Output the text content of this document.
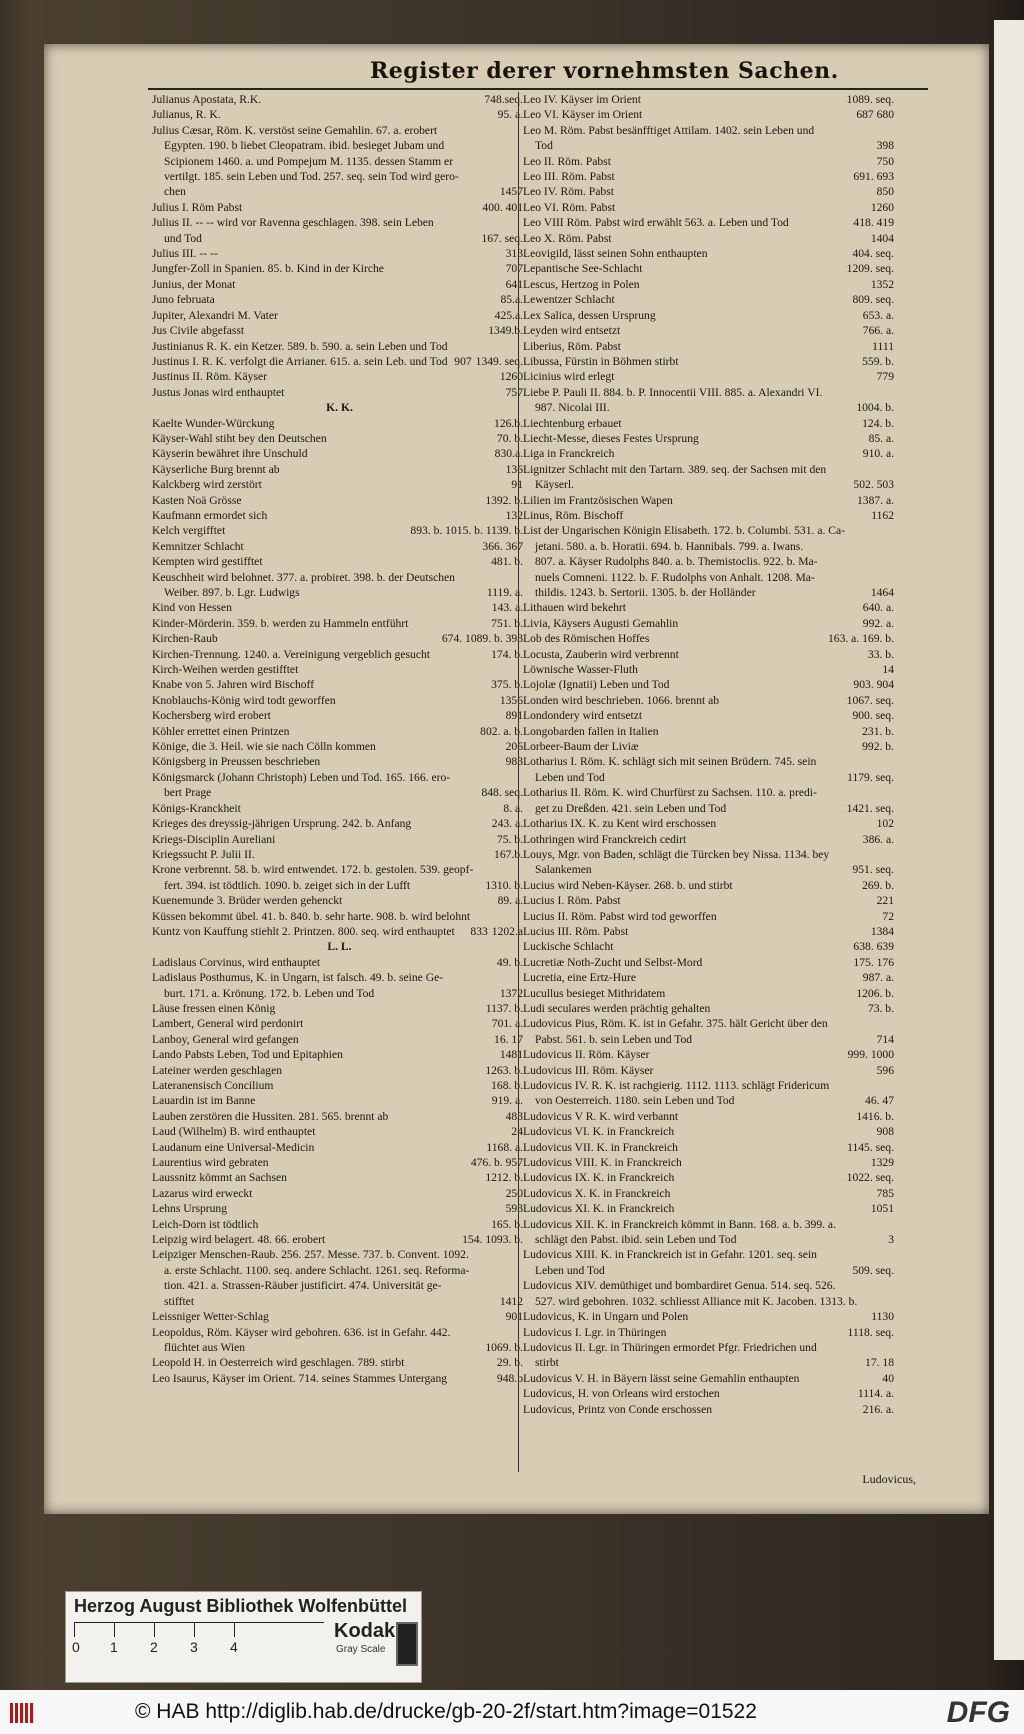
Register derer vornehmsten Sachen.
748.seq.
Julianus Apostata, R.K.
95. a.
Julianus, R. K.
Julius Cæsar, Röm. K. verstöst seine Gemahlin. 67. a. erobert
Egypten. 190. b liebet Cleopatram. ibid. besieget Jubam und
Scipionem 1460. a. und Pompejum M. 1135. dessen Stamm er
vertilgt. 185. sein Leben und Tod. 257. seq. sein Tod wird gero-
1457
chen
400. 401
Julius I. Röm Pabst
Julius II. -- -- wird vor Ravenna geschlagen. 398. sein Leben
167. seq.
und Tod
313
Julius III. -- --
707
Jungfer-Zoll in Spanien. 85. b. Kind in der Kirche
641
Junius, der Monat
85.a.
Juno februata
425.a.
Jupiter, Alexandri M. Vater
1349.b.
Jus Civile abgefasst
Justinianus R. K. ein Ketzer. 589. b. 590. a. sein Leben und Tod
1349. seq.
907
Justinus I. R. K. verfolgt die Arrianer. 615. a. sein Leb. und Tod
1260
Justinus II. Röm. Käyser
757
Justus Jonas wird enthauptet
K. K.
126.b.
Kaelte Wunder-Würckung
70. b.
Käyser-Wahl stiht bey den Deutschen
830.a.
Käyserin bewähret ihre Unschuld
136
Käyserliche Burg brennt ab
91
Kalckberg wird zerstört
1392. b.
Kasten Noä Grösse
132
Kaufmann ermordet sich
893. b. 1015. b. 1139. b.
Kelch vergifftet
366. 367
Kemnitzer Schlacht
481. b.
Kempten wird gestifftet
Keuschheit wird belohnet. 377. a. probiret. 398. b. der Deutschen
1119. a.
Weiber. 897. b. Lgr. Ludwigs
143. a.
Kind von Hessen
751. b.
Kinder-Mörderin. 359. b. werden zu Hammeln entführt
674. 1089. b. 393
Kirchen-Raub
174. b.
Kirchen-Trennung. 1240. a. Vereinigung vergeblich gesucht
Kirch-Weihen werden gestifftet
375. b.
Knabe von 5. Jahren wird Bischoff
1356
Knoblauchs-König wird todt geworffen
891
Kochersberg wird erobert
802. a. b.
Köhler errettet einen Printzen
206
Könige, die 3. Heil. wie sie nach Cölln kommen
983
Königsberg in Preussen beschrieben
Königsmarck (Johann Christoph) Leben und Tod. 165. 166. ero-
848. seq.
bert Prage
8. a.
Königs-Kranckheit
243. a.
Krieges des dreyssig-jährigen Ursprung. 242. b. Anfang
75. b.
Kriegs-Disciplin Aureliani
167.b.
Kriegssucht P. Julii II.
Krone verbrennt. 58. b. wird entwendet. 172. b. gestolen. 539. geopf-
1310. b.
fert. 394. ist tödtlich. 1090. b. zeiget sich in der Lufft
89. a.
Kuenemunde 3. Brüder werden gehenckt
Küssen bekommt übel. 41. b. 840. b. sehr harte. 908. b. wird belohnt
1202.a
833
Kuntz von Kauffung stiehlt 2. Printzen. 800. seq. wird enthauptet
L. L.
49. b.
Ladislaus Corvinus, wird enthauptet
Ladislaus Posthumus, K. in Ungarn, ist falsch. 49. b. seine Ge-
1372
burt. 171. a. Krönung. 172. b. Leben und Tod
1137. b.
Läuse fressen einen König
701. a.
Lambert, General wird perdonirt
16. 17
Lanboy, General wird gefangen
1481
Lando Pabsts Leben, Tod und Epitaphien
1263. b.
Lateiner werden geschlagen
168. b.
Lateranensisch Concilium
919. a.
Lauardin ist im Banne
483
Lauben zerstören die Hussiten. 281. 565. brennt ab
24
Laud (Wilhelm) B. wird enthauptet
1168. a.
Laudanum eine Universal-Medicin
476. b. 957
Laurentius wird gebraten
1212. b.
Laussnitz kömmt an Sachsen
250
Lazarus wird erweckt
593
Lehns Ursprung
165. b.
Leich-Dorn ist tödtlich
154. 1093. b.
Leipzig wird belagert. 48. 66. erobert
Leipziger Menschen-Raub. 256. 257. Messe. 737. b. Convent. 1092.
a. erste Schlacht. 1100. seq. andere Schlacht. 1261. seq. Reforma-
tion. 421. a. Strassen-Räuber justificirt. 474. Universität ge-
1412
stifftet
901
Leissniger Wetter-Schlag
Leopoldus, Röm. Käyser wird gebohren. 636. ist in Gefahr. 442.
1069. b.
flüchtet aus Wien
29. b.
Leopold H. in Oesterreich wird geschlagen. 789. stirbt
948.b
Leo Isaurus, Käyser im Orient. 714. seines Stammes Untergang
1089. seq.
Leo IV. Käyser im Orient
687 680
Leo VI. Käyser im Orient
Leo M. Röm. Pabst besänfftiget Attilam. 1402. sein Leben und
398
Tod
750
Leo II. Röm. Pabst
691. 693
Leo III. Röm. Pabst
850
Leo IV. Röm. Pabst
1260
Leo VI. Röm. Pabst
418. 419
Leo VIII Röm. Pabst wird erwählt 563. a. Leben und Tod
1404
Leo X. Röm. Pabst
404. seq.
Leovigild, lässt seinen Sohn enthaupten
1209. seq.
Lepantische See-Schlacht
1352
Lescus, Hertzog in Polen
809. seq.
Lewentzer Schlacht
653. a.
Lex Salica, dessen Ursprung
766. a.
Leyden wird entsetzt
1111
Liberius, Röm. Pabst
559. b.
Libussa, Fürstin in Böhmen stirbt
779
Licinius wird erlegt
Liebe P. Pauli II. 884. b. P. Innocentii VIII. 885. a. Alexandri VI.
1004. b.
987. Nicolai III.
124. b.
Liechtenburg erbauet
85. a.
Liecht-Messe, dieses Festes Ursprung
910. a.
Liga in Franckreich
Lignitzer Schlacht mit den Tartarn. 389. seq. der Sachsen mit den
502. 503
Käyserl.
1387. a.
Lilien im Frantzösischen Wapen
1162
Linus, Röm. Bischoff
List der Ungarischen Königin Elisabeth. 172. b. Columbi. 531. a. Ca-
jetani. 580. a. b. Horatii. 694. b. Hannibals. 799. a. Iwans.
807. a. Käyser Rudolphs 840. a. b. Themistoclis. 922. b. Ma-
nuels Comneni. 1122. b. F. Rudolphs von Anhalt. 1208. Ma-
1464
thildis. 1243. b. Sertorii. 1305. b. der Holländer
640. a.
Lithauen wird bekehrt
992. a.
Livia, Käysers Augusti Gemahlin
163. a. 169. b.
Lob des Römischen Hoffes
33. b.
Locusta, Zauberin wird verbrennt
14
Löwnische Wasser-Fluth
903. 904
Lojolæ (Ignatii) Leben und Tod
1067. seq.
Londen wird beschrieben. 1066. brennt ab
900. seq.
Londondery wird entsetzt
231. b.
Longobarden fallen in Italien
992. b.
Lorbeer-Baum der Liviæ
Lotharius I. Röm. K. schlägt sich mit seinen Brüdern. 745. sein
1179. seq.
Leben und Tod
Lotharius II. Röm. K. wird Churfürst zu Sachsen. 110. a. predi-
1421. seq.
get zu Dreßden. 421. sein Leben und Tod
102
Lotharius IX. K. zu Kent wird erschossen
386. a.
Lothringen wird Franckreich cedirt
Louys, Mgr. von Baden, schlägt die Türcken bey Nissa. 1134. bey
951. seq.
Salankemen
269. b.
Lucius wird Neben-Käyser. 268. b. und stirbt
221
Lucius I. Röm. Pabst
72
Lucius II. Röm. Pabst wird tod geworffen
1384
Lucius III. Röm. Pabst
638. 639
Luckische Schlacht
175. 176
Lucretiæ Noth-Zucht und Selbst-Mord
987. a.
Lucretia, eine Ertz-Hure
1206. b.
Lucullus besieget Mithridatem
73. b.
Ludi seculares werden prächtig gehalten
Ludovicus Pius, Röm. K. ist in Gefahr. 375. hält Gericht über den
714
Pabst. 561. b. sein Leben und Tod
999. 1000
Ludovicus II. Röm. Käyser
596
Ludovicus III. Röm. Käyser
Ludovicus IV. R. K. ist rachgierig. 1112. 1113. schlägt Fridericum
46. 47
von Oesterreich. 1180. sein Leben und Tod
1416. b.
Ludovicus V R. K. wird verbannt
908
Ludovicus VI. K. in Franckreich
1145. seq.
Ludovicus VII. K. in Franckreich
1329
Ludovicus VIII. K. in Franckreich
1022. seq.
Ludovicus IX. K. in Franckreich
785
Ludovicus X. K. in Franckreich
1051
Ludovicus XI. K. in Franckreich
Ludovicus XII. K. in Franckreich kömmt in Bann. 168. a. b. 399. a.
3
schlägt den Pabst. ibid. sein Leben und Tod
Ludovicus XIII. K. in Franckreich ist in Gefahr. 1201. seq. sein
509. seq.
Leben und Tod
Ludovicus XIV. demüthiget und bombardiret Genua. 514. seq. 526.
527. wird gebohren. 1032. schliesst Alliance mit K. Jacoben. 1313. b.
1130
Ludovicus, K. in Ungarn und Polen
1118. seq.
Ludovicus I. Lgr. in Thüringen
Ludovicus II. Lgr. in Thüringen ermordet Pfgr. Friedrichen und
17. 18
stirbt
40
Ludovicus V. H. in Bäyern lässt seine Gemahlin enthaupten
1114. a.
Ludovicus, H. von Orleans wird erstochen
216. a.
Ludovicus, Printz von Conde erschossen
Ludovicus,
Herzog August Bibliothek Wolfenbüttel
0 1 2 3 4
Kodak
Gray Scale
© HAB http://diglib.hab.de/drucke/gb-20-2f/start.htm?image=01522	DFG
